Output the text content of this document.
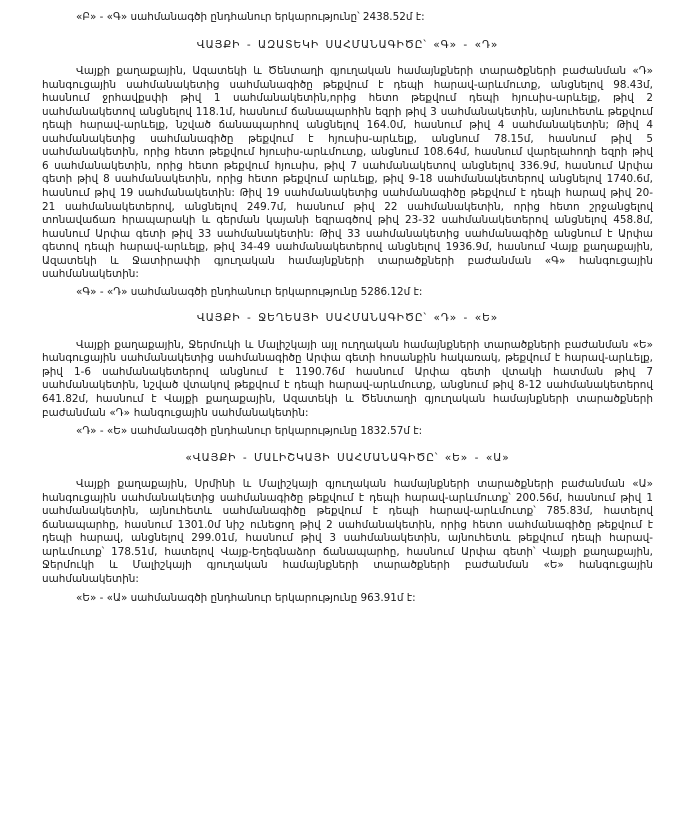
«Բ» - «Գ» սահմանագծի ընդհանուր երկարությունը՝ 2438.52մ է:

ՎԱՅՔԻ - ԱԶԱՏԵԿԻ ՍԱՀՄԱՆԱԳԻԾԸ՝ «Գ» - «Դ»

Վայքի քաղաքային, Ազատեկի և Ծենտաղի գյուղական համայնքների տարածքների բաժանման «Դ» հանգուցային սահմանակետից սահմանագիծը թեքվում է դեպի հարավ-արևմուտք, անցնելով 98.43մ, հասնում ջրհավքսփի թիվ 1 սահմանակետին,որից հետո թեքվում դեպի հյուսիս-արևելք, թիվ 2 սահմանակետով անցնելով 118.1մ, հասնում ճանապարհին եզրի թիվ 3 սահմանակետին, այնուհետև թեքվում դեպի հարավ-արևելք, նշված ճանապարհով անցնելով 164.0մ, հասնում թիվ 4 սահմանակետին; Թիվ 4 սահմանակետից սահմանագիծը թեքվում է հյուսիս-արևելք, անցնում 78.15մ, հասնում թիվ 5 սահմանակետին, որից հետո թեքվում հյուսիս-արևմուտք, անցնում 108.64մ, հասնում վարելահողի եզրի թիվ 6 սահմանակետին, որից հետո թեքվում հյուսիս, թիվ 7 սահմանակետով անցնելով 336.9մ, հասնում Արփա գետի թիվ 8 սահմանակետին, որից հետո թեքվում արևելք, թիվ 9-18 սահմանակետերով անցնելով 1740.6մ, հասնում թիվ 19 սահմանակետին: Թիվ 19 սահմանակետից սահմանագիծը թեքվում է դեպի հարավ թիվ 20-21 սահմանակետերով, անցնելով 249.7մ, հասնում թիվ 22 սահմանակետին, որից հետո շրջանցելով տոնավաճառ հրապարակի և գերման կայանի եզրագծով թիվ 23-32 սահմանակետերով անցնելով 458.8մ, հասնում Արփա գետի թիվ 33 սահմանակետին: Թիվ 33 սահմանակետից սահմանագիծը անցնում է Արփա գետով դեպի հարավ-արևելք, թիվ 34-49 սահմանակետերով անցնելով 1936.9մ, հասնում Վայք քաղաքային, Ազատեկի և Ջատիրափի գյուղական համայնքների տարածքների բաժանման «Գ» հանգուցային սահմանակետին:

«Գ» - «Դ» սահմանագծի ընդհանուր երկարությունը 5286.12մ է:

ՎԱՅՔԻ - ՋԵՂԵԱՅԻ ՍԱՀՄԱՆԱԳԻԾԸ՝ «Դ» - «Ե»

Վայքի քաղաքային, Ջերմուկի և Մալիշկայի այլ ուղղական համայնքների տարածքների բաժանման «Ե» հանգուցային սահմանակետից սահմանագիծը Արփա գետի հոսանքին հակառակ, թեքվում է հարավ-արևելք, թիվ 1-6 սահմանակետերով անցնում է 1190.76մ հասնում Արփա գետի վտակի հատման թիվ 7 սահմանակետին, նշված վտակով թեքվում է դեպի հարավ-արևմուտք, անցնում թիվ 8-12 սահմանակետերով 641.82մ, հասնում է Վայքի քաղաքային, Ազատեկի և Ծենտաղի գյուղական համայնքների տարածքների բաժանման «Դ» հանգուցային սահմանակետին:

«Դ» - «Ե» սահմանագծի ընդհանուր երկարությունը 1832.57մ է:

«ՎԱՅՔԻ - ՄԱԼԻՇԿԱՅԻ ՍԱՀՄԱՆԱԳԻԾԸ՝ «Ե» - «Ա»

Վայքի քաղաքային, Սրմինի և Մալիշկայի գյուղական համայնքների տարածքների բաժանման «Ա» հանգուցային սահմանակետից սահմանագիծը թեքվում է դեպի հարավ-արևմուտք՝ 200.56մ, հասնում թիվ 1 սահմանակետին, այնուհետև սահմանագիծը թեքվում է դեպի հարավ-արևմուտք՝ 785.83մ, հատելով ճանապարհը, հասնում 1301.0մ նիշ ունեցող թիվ 2 սահմանակետին, որից հետո սահմանագիծը թեքվում է դեպի հարավ, անցնելով 299.01մ, հասնում թիվ 3 սահմանակետին, այնուհետև թեքվում դեպի հարավ-արևմուտք՝ 178.51մ, հատելով Վայք-Եղեգնաձոր ճանապարհը, հասնում Արփա գետի՝ Վայքի քաղաքային, Ջերմուկի և Մալիշկայի գյուղական համայնքների տարածքների բաժանման «Ե» հանգուցային սահմանակետին:

«Ե» - «Ա» սահմանագծի ընդհանուր երկարությունը 963.91մ է:
